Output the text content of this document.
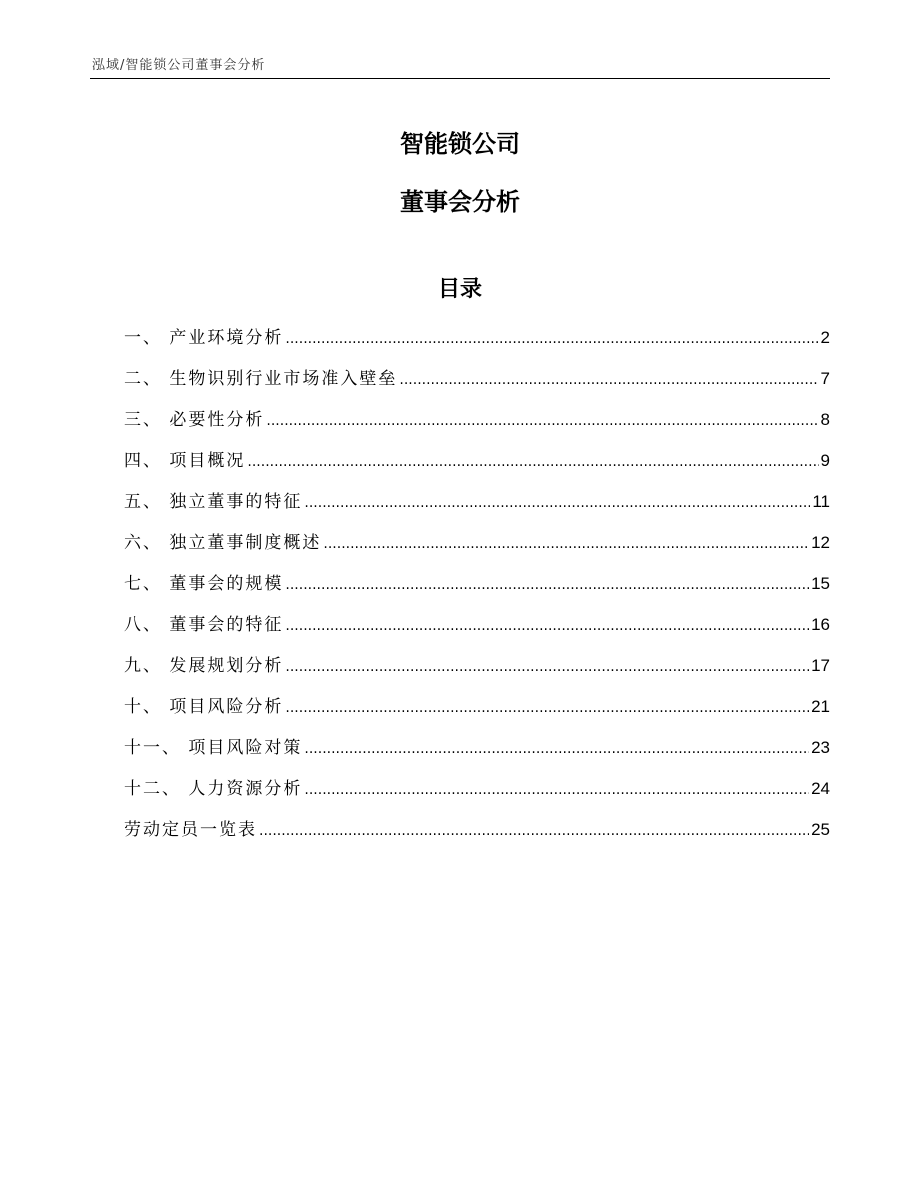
泓域/智能锁公司董事会分析
智能锁公司
董事会分析
目录
一、 产业环境分析 .....	2
二、 生物识别行业市场准入壁垒 .....	7
三、 必要性分析 .....	8
四、 项目概况 .....	9
五、 独立董事的特征 .....	11
六、 独立董事制度概述 .....	12
七、 董事会的规模 .....	15
八、 董事会的特征 .....	16
九、 发展规划分析 .....	17
十、 项目风险分析 .....	21
十一、 项目风险对策 .....	23
十二、 人力资源分析 .....	24
劳动定员一览表 .....	25
